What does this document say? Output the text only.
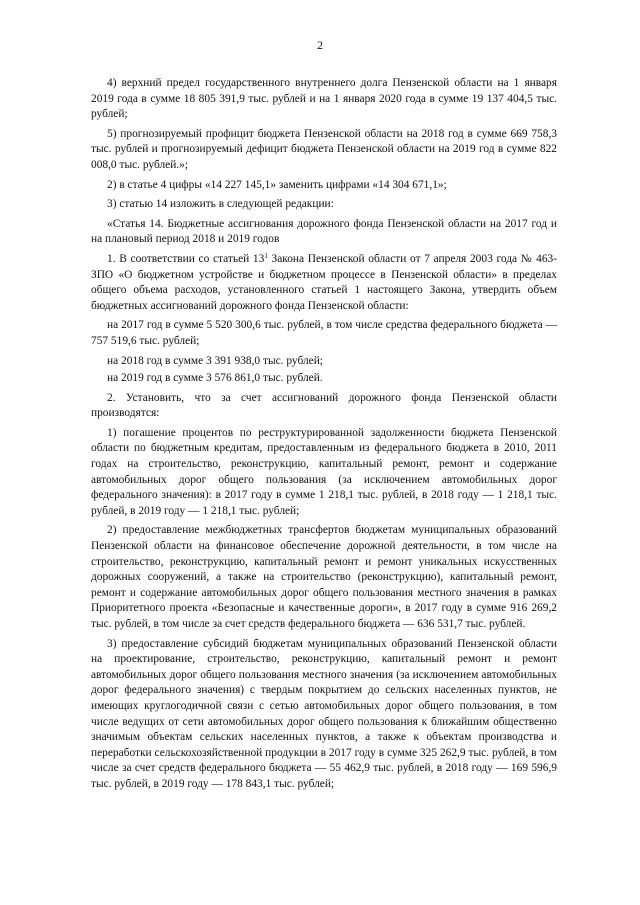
2

4) верхний предел государственного внутреннего долга Пензенской области на 1 января 2019 года в сумме 18 805 391,9 тыс. рублей и на 1 января 2020 года в сумме 19 137 404,5 тыс. рублей;

5) прогнозируемый профицит бюджета Пензенской области на 2018 год в сумме 669 758,3 тыс. рублей и прогнозируемый дефицит бюджета Пензенской области на 2019 год в сумме 822 008,0 тыс. рублей.»;

2) в статье 4 цифры «14 227 145,1» заменить цифрами «14 304 671,1»;

3) статью 14 изложить в следующей редакции:

«Статья 14. Бюджетные ассигнования дорожного фонда Пензенской области на 2017 год и на плановый период 2018 и 2019 годов

1. В соответствии со статьей $13^1$ Закона Пензенской области от 7 апреля 2003 года № 463-ЗПО «О бюджетном устройстве и бюджетном процессе в Пензенской области» в пределах общего объема расходов, установленного статьей 1 настоящего Закона, утвердить объем бюджетных ассигнований дорожного фонда Пензенской области:

на 2017 год в сумме 5 520 300,6 тыс. рублей, в том числе средства федерального бюджета — 757 519,6 тыс. рублей;

на 2018 год в сумме 3 391 938,0 тыс. рублей;

на 2019 год в сумме 3 576 861,0 тыс. рублей.

2. Установить, что за счет ассигнований дорожного фонда Пензенской области производятся:

1) погашение процентов по реструктурированной задолженности бюджета Пензенской области по бюджетным кредитам, предоставленным из федерального бюджета в 2010, 2011 годах на строительство, реконструкцию, капитальный ремонт, ремонт и содержание автомобильных дорог общего пользования (за исключением автомобильных дорог федерального значения): в 2017 году в сумме 1 218,1 тыс. рублей, в 2018 году — 1 218,1 тыс. рублей, в 2019 году — 1 218,1 тыс. рублей;

2) предоставление межбюджетных трансфертов бюджетам муниципальных образований Пензенской области на финансовое обеспечение дорожной деятельности, в том числе на строительство, реконструкцию, капитальный ремонт и ремонт уникальных искусственных дорожных сооружений, а также на строительство (реконструкцию), капитальный ремонт, ремонт и содержание автомобильных дорог общего пользования местного значения в рамках Приоритетного проекта «Безопасные и качественные дороги», в 2017 году в сумме 916 269,2 тыс. рублей, в том числе за счет средств федерального бюджета — 636 531,7 тыс. рублей.

3) предоставление субсидий бюджетам муниципальных образований Пензенской области на проектирование, строительство, реконструкцию, капитальный ремонт и ремонт автомобильных дорог общего пользования местного значения (за исключением автомобильных дорог федерального значения) с твердым покрытием до сельских населенных пунктов, не имеющих круглогодичной связи с сетью автомобильных дорог общего пользования, в том числе ведущих от сети автомобильных дорог общего пользования к ближайшим общественно значимым объектам сельских населенных пунктов, а также к объектам производства и переработки сельскохозяйственной продукции в 2017 году в сумме 325 262,9 тыс. рублей, в том числе за счет средств федерального бюджета — 55 462,9 тыс. рублей, в 2018 году — 169 596,9 тыс. рублей, в 2019 году — 178 843,1 тыс. рублей;
